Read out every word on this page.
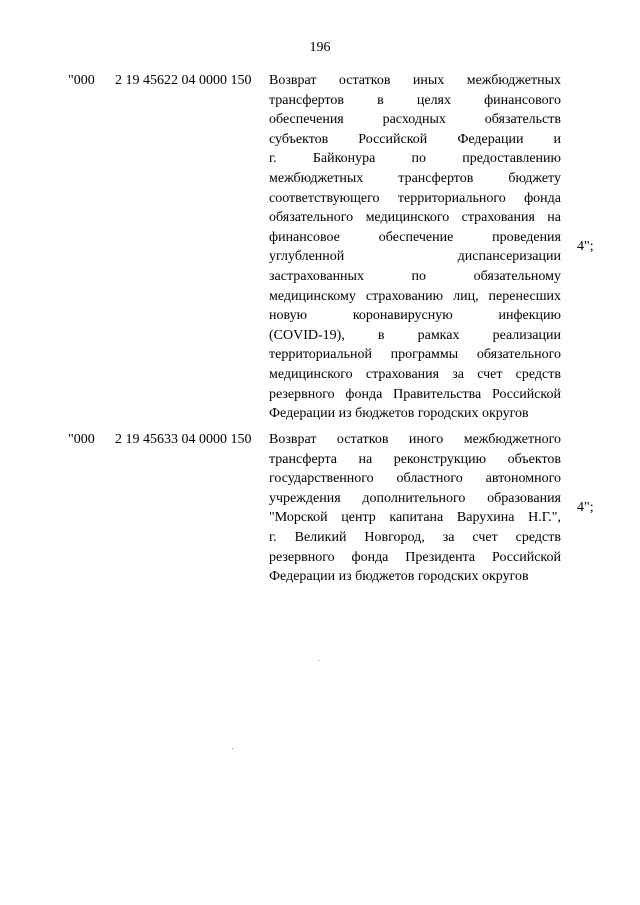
196
"000 2 19 45622 04 0000 150 Возврат остатков иных межбюджетных
трансфертов в целях финансового
обеспечения расходных обязательств
субъектов Российской Федерации и
г. Байконура по предоставлению
межбюджетных трансфертов бюджету
соответствующего территориального фонда
обязательного медицинского страхования на
финансовое обеспечение проведения
углубленной диспансеризации
застрахованных по обязательному
медицинскому страхованию лиц, перенесших
новую коронавирусную инфекцию
(COVID-19), в рамках реализации
территориальной программы обязательного
медицинского страхования за счет средств
резервного фонда Правительства Российской
Федерации из бюджетов городских округов
4";
"000 2 19 45633 04 0000 150 Возврат остатков иного межбюджетного
трансферта на реконструкцию объектов
государственного областного автономного
учреждения дополнительного образования
"Морской центр капитана Варухина Н.Г.",
г. Великий Новгород, за счет средств
резервного фонда Президента Российской
Федерации из бюджетов городских округов
4";
